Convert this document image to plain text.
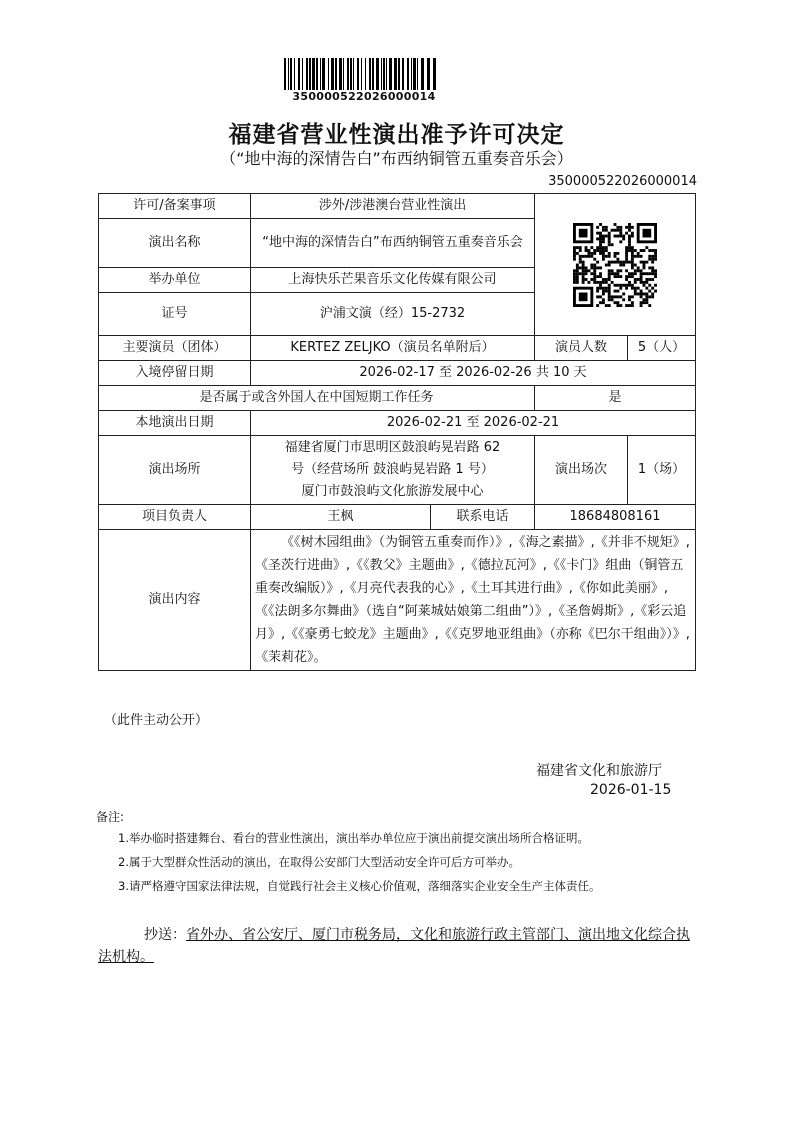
350000522026000014
福建省营业性演出准予许可决定
（“地中海的深情告白”布西纳铜管五重奏音乐会）
350000522026000014
许可/备案事项	涉外/涉港澳台营业性演出	

演出名称	“地中海的深情告白”布西纳铜管五重奏音乐会			
举办单位	上海快乐芒果音乐文化传媒有限公司			
证号	沪浦文演（经）15-2732			
主要演员（团体）	KERTEZ ZELJKO（演员名单附后）		演员人数	5（人）
入境停留日期	2026-02-17 至 2026-02-26 共 10 天			
是否属于或含外国人在中国短期工作任务			是	
本地演出日期	2026-02-21 至 2026-02-21			
演出场所	福建省厦门市思明区鼓浪屿晃岩路 62
号（经营场所 鼓浪屿晃岩路 1 号）
厦门市鼓浪屿文化旅游发展中心		演出场次	1（场）
项目负责人	王枫	联系电话	18684808161	
演出内容	《《树木园组曲》（为铜管五重奏而作）》,《海之素描》,《并非不规矩》,《圣茨行进曲》,《《教父》主题曲》,《德拉瓦河》,《《卡门》组曲（铜管五重奏改编版）》,《月亮代表我的心》,《土耳其进行曲》,《你如此美丽》,《《法朗多尔舞曲》（选自“阿莱城姑娘第二组曲”）》,《圣詹姆斯》,《彩云追月》,《《豪勇七蛟龙》主题曲》,《《克罗地亚组曲》（亦称《巴尔干组曲》）》,《茉莉花》。			
（此件主动公开）
福建省文化和旅游厅
2026-01-15
备注:
1.举办临时搭建舞台、看台的营业性演出，演出举办单位应于演出前提交演出场所合格证明。
2.属于大型群众性活动的演出，在取得公安部门大型活动安全许可后方可举办。
3.请严格遵守国家法律法规，自觉践行社会主义核心价值观，落细落实企业安全生产主体责任。
抄送：省外办、省公安厅、厦门市税务局，文化和旅游行政主管部门、演出地文化综合执法机构。
